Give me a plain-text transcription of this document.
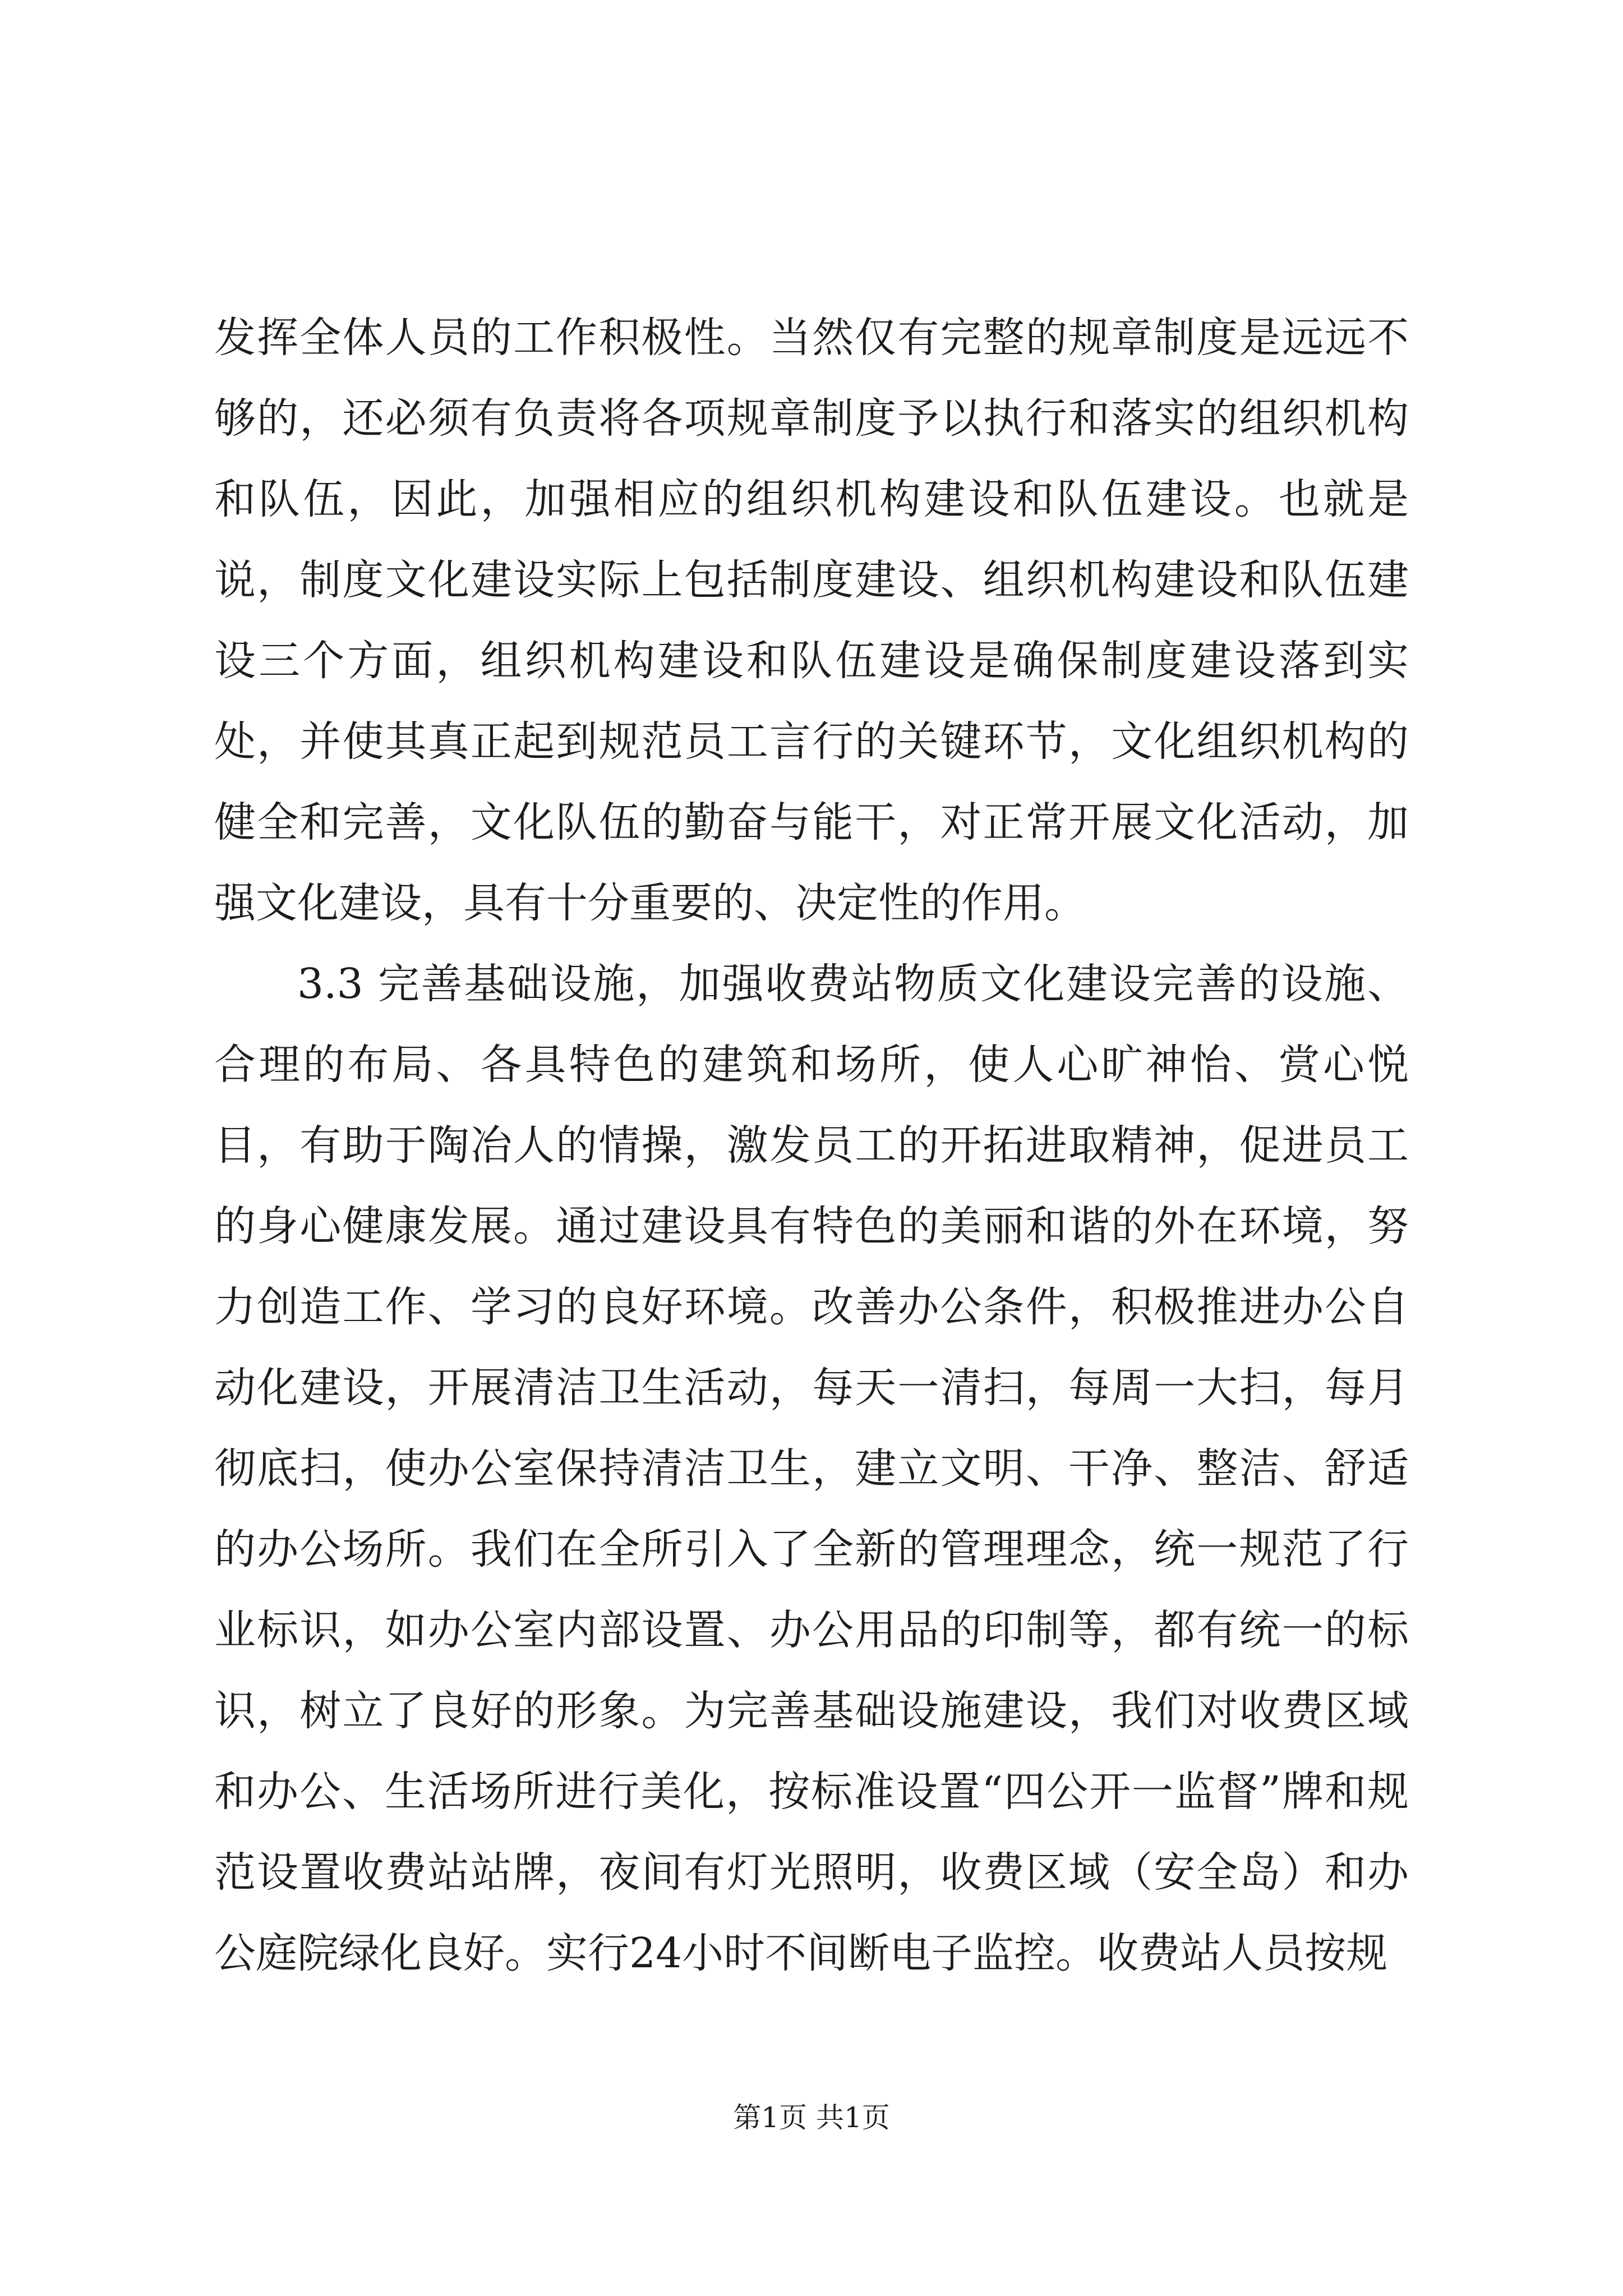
发挥全体人员的工作积极性。当然仅有完整的规章制度是远远不够的，还必须有负责将各项规章制度予以执行和落实的组织机构和队伍，因此，加强相应的组织机构建设和队伍建设。也就是说，制度文化建设实际上包括制度建设、组织机构建设和队伍建设三个方面，组织机构建设和队伍建设是确保制度建设落到实处，并使其真正起到规范员工言行的关键环节，文化组织机构的健全和完善，文化队伍的勤奋与能干，对正常开展文化活动，加强文化建设，具有十分重要的、决定性的作用。

3.3 完善基础设施，加强收费站物质文化建设完善的设施、合理的布局、各具特色的建筑和场所，使人心旷神怡、赏心悦目，有助于陶冶人的情操，激发员工的开拓进取精神，促进员工的身心健康发展。通过建设具有特色的美丽和谐的外在环境，努力创造工作、学习的良好环境。改善办公条件，积极推进办公自动化建设，开展清洁卫生活动，每天一清扫，每周一大扫，每月彻底扫，使办公室保持清洁卫生，建立文明、干净、整洁、舒适的办公场所。我们在全所引入了全新的管理理念，统一规范了行业标识，如办公室内部设置、办公用品的印制等，都有统一的标识，树立了良好的形象。为完善基础设施建设，我们对收费区域和办公、生活场所进行美化，按标准设置“四公开一监督”牌和规范设置收费站站牌，夜间有灯光照明，收费区域（安全岛）和办公庭院绿化良好。实行24小时不间断电子监控。收费站人员按规

第1页 共1页
